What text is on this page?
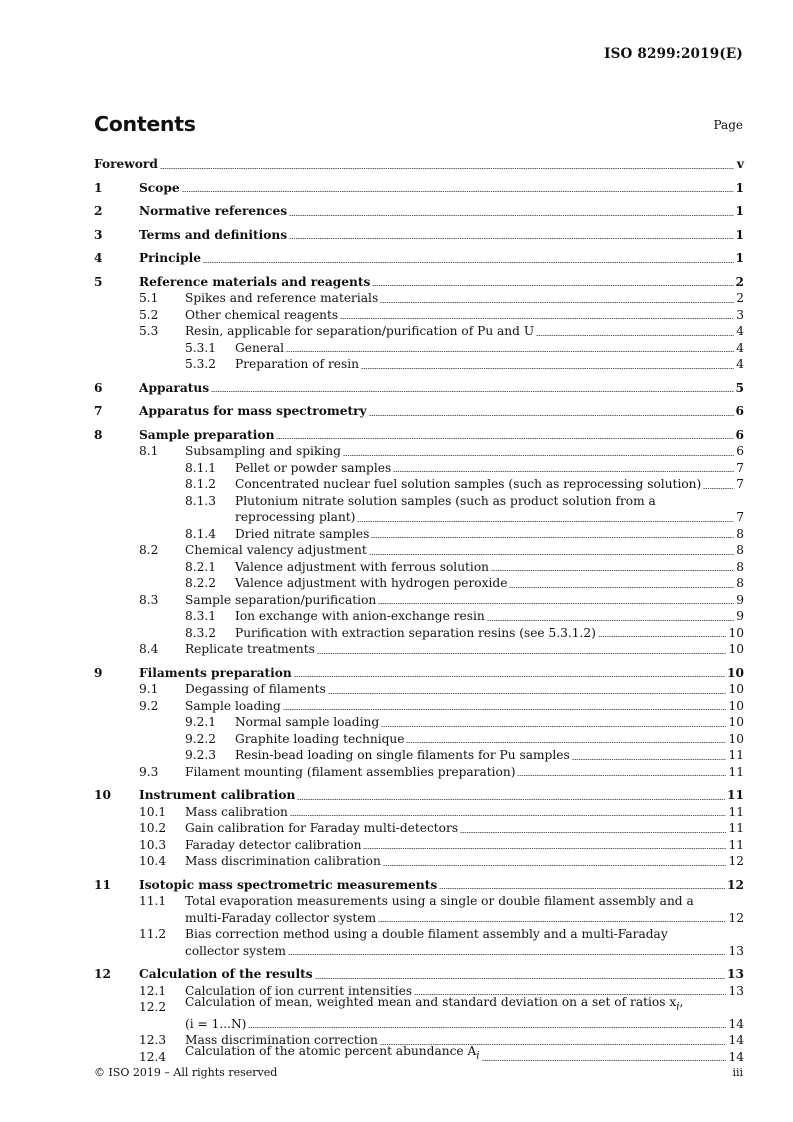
ISO 8299:2019(E)
Contents	Page
Foreword	v
1	Scope	1
2	Normative references	1
3	Terms and definitions	1
4	Principle	1
5	Reference materials and reagents	2
5.1	Spikes and reference materials	2
5.2	Other chemical reagents	3
5.3	Resin, applicable for separation/purification of Pu and U	4
5.3.1	General	4
5.3.2	Preparation of resin	4
6	Apparatus	5
7	Apparatus for mass spectrometry	6
8	Sample preparation	6
8.1	Subsampling and spiking	6
8.1.1	Pellet or powder samples	7
8.1.2	Concentrated nuclear fuel solution samples (such as reprocessing solution)	7
8.1.3	Plutonium nitrate solution samples (such as product solution from a
reprocessing plant)	7
8.1.4	Dried nitrate samples	8
8.2	Chemical valency adjustment	8
8.2.1	Valence adjustment with ferrous solution	8
8.2.2	Valence adjustment with hydrogen peroxide	8
8.3	Sample separation/purification	9
8.3.1	Ion exchange with anion-exchange resin	9
8.3.2	Purification with extraction separation resins (see 5.3.1.2)	10
8.4	Replicate treatments	10
9	Filaments preparation	10
9.1	Degassing of filaments	10
9.2	Sample loading	10
9.2.1	Normal sample loading	10
9.2.2	Graphite loading technique	10
9.2.3	Resin-bead loading on single filaments for Pu samples	11
9.3	Filament mounting (filament assemblies preparation)	11
10	Instrument calibration	11
10.1	Mass calibration	11
10.2	Gain calibration for Faraday multi-detectors	11
10.3	Faraday detector calibration	11
10.4	Mass discrimination calibration	12
11	Isotopic mass spectrometric measurements	12
11.1	Total evaporation measurements using a single or double filament assembly and a
multi-Faraday collector system	12
11.2	Bias correction method using a double filament assembly and a multi-Faraday
collector system	13
12	Calculation of the results	13
12.1	Calculation of ion current intensities	13
12.2	Calculation of mean, weighted mean and standard deviation on a set of ratios $x_i$,
(i = 1...N)	14
12.3	Mass discrimination correction	14
12.4	Calculation of the atomic percent abundance $A_i$	14
© ISO 2019 – All rights reserved	iii
